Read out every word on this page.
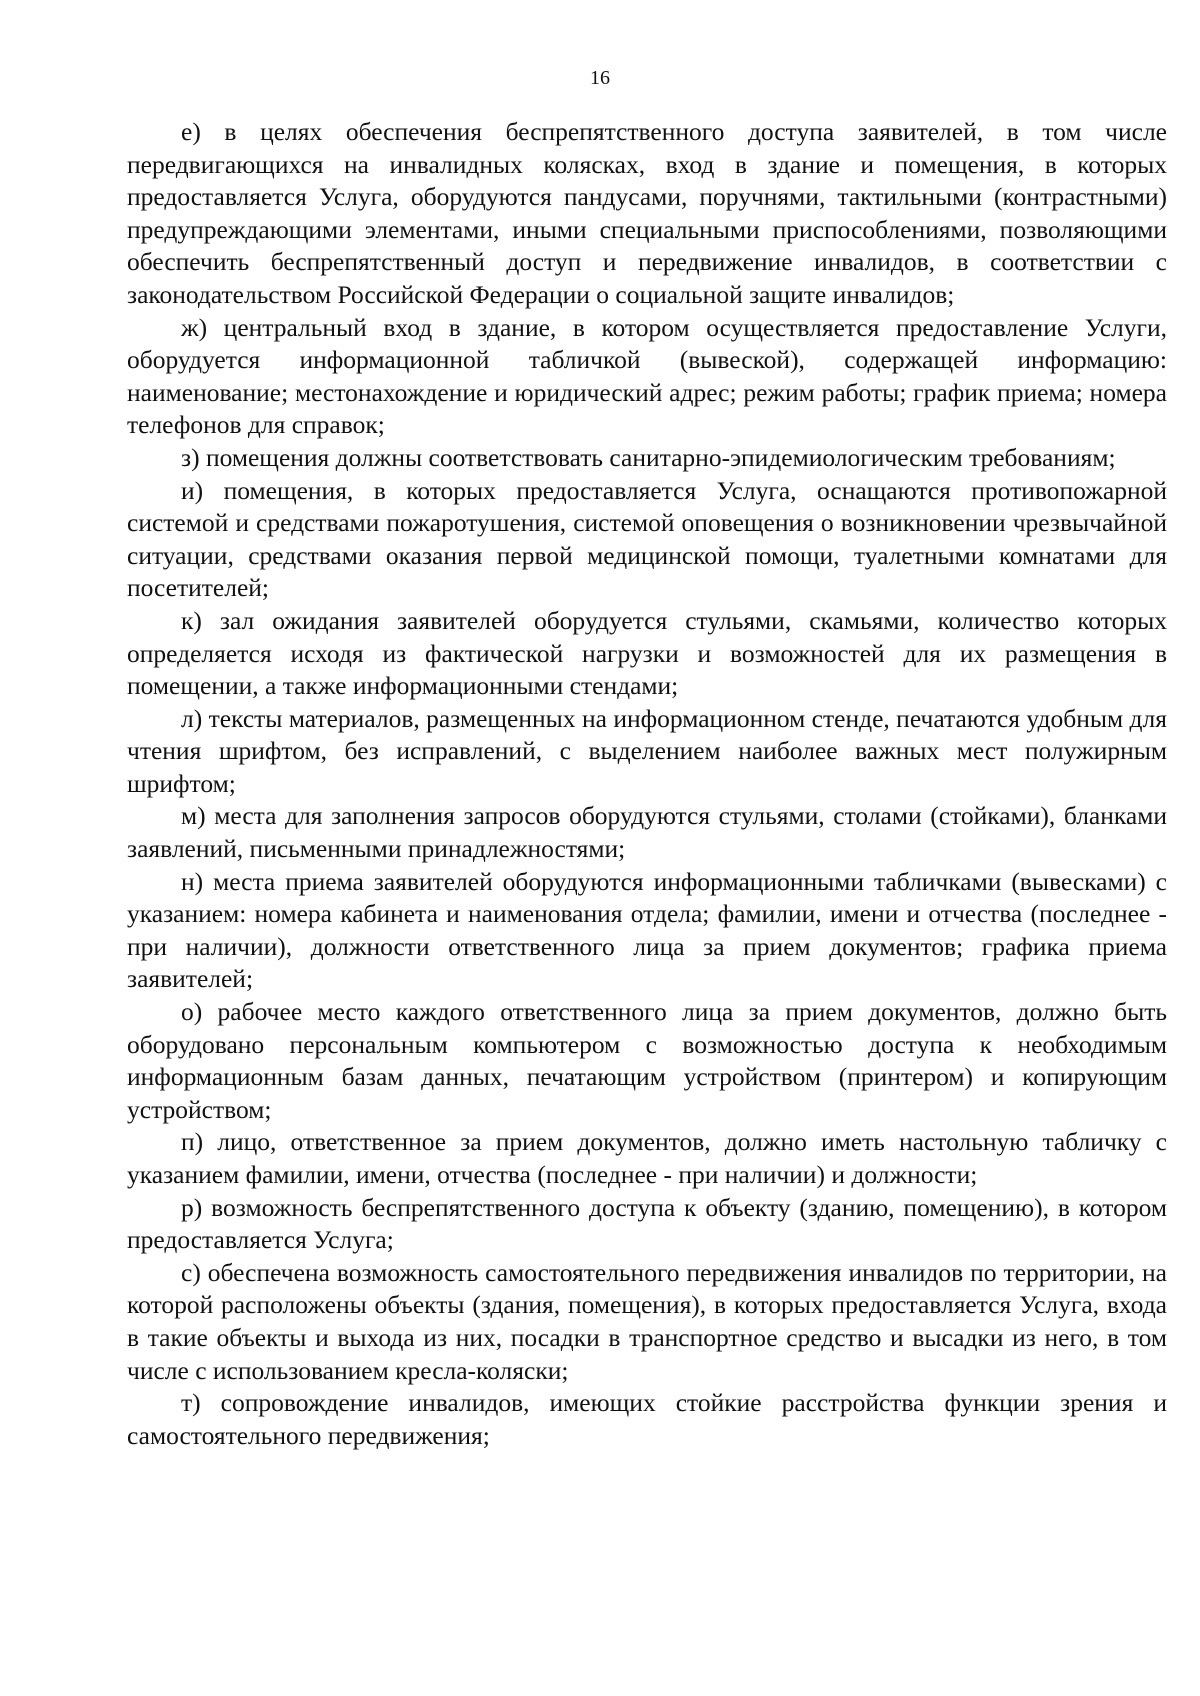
16

е) в целях обеспечения беспрепятственного доступа заявителей, в том числе передвигающихся на инвалидных колясках, вход в здание и помещения, в которых предоставляется Услуга, оборудуются пандусами, поручнями, тактильными (контрастными) предупреждающими элементами, иными специальными приспособлениями, позволяющими обеспечить беспрепятственный доступ и передвижение инвалидов, в соответствии с законодательством Российской Федерации о социальной защите инвалидов;

ж) центральный вход в здание, в котором осуществляется предоставление Услуги, оборудуется информационной табличкой (вывеской), содержащей информацию: наименование; местонахождение и юридический адрес; режим работы; график приема; номера телефонов для справок;

з) помещения должны соответствовать санитарно-эпидемиологическим требованиям;

и) помещения, в которых предоставляется Услуга, оснащаются противопожарной системой и средствами пожаротушения, системой оповещения о возникновении чрезвычайной ситуации, средствами оказания первой медицинской помощи, туалетными комнатами для посетителей;

к) зал ожидания заявителей оборудуется стульями, скамьями, количество которых определяется исходя из фактической нагрузки и возможностей для их размещения в помещении, а также информационными стендами;

л) тексты материалов, размещенных на информационном стенде, печатаются удобным для чтения шрифтом, без исправлений, с выделением наиболее важных мест полужирным шрифтом;

м) места для заполнения запросов оборудуются стульями, столами (стойками), бланками заявлений, письменными принадлежностями;

н) места приема заявителей оборудуются информационными табличками (вывесками) с указанием: номера кабинета и наименования отдела; фамилии, имени и отчества (последнее - при наличии), должности ответственного лица за прием документов; графика приема заявителей;

о) рабочее место каждого ответственного лица за прием документов, должно быть оборудовано персональным компьютером с возможностью доступа к необходимым информационным базам данных, печатающим устройством (принтером) и копирующим устройством;

п) лицо, ответственное за прием документов, должно иметь настольную табличку с указанием фамилии, имени, отчества (последнее - при наличии) и должности;

р) возможность беспрепятственного доступа к объекту (зданию, помещению), в котором предоставляется Услуга;

с) обеспечена возможность самостоятельного передвижения инвалидов по территории, на которой расположены объекты (здания, помещения), в которых предоставляется Услуга, входа в такие объекты и выхода из них, посадки в транспортное средство и высадки из него, в том числе с использованием кресла-коляски;

т) сопровождение инвалидов, имеющих стойкие расстройства функции зрения и самостоятельного передвижения;
